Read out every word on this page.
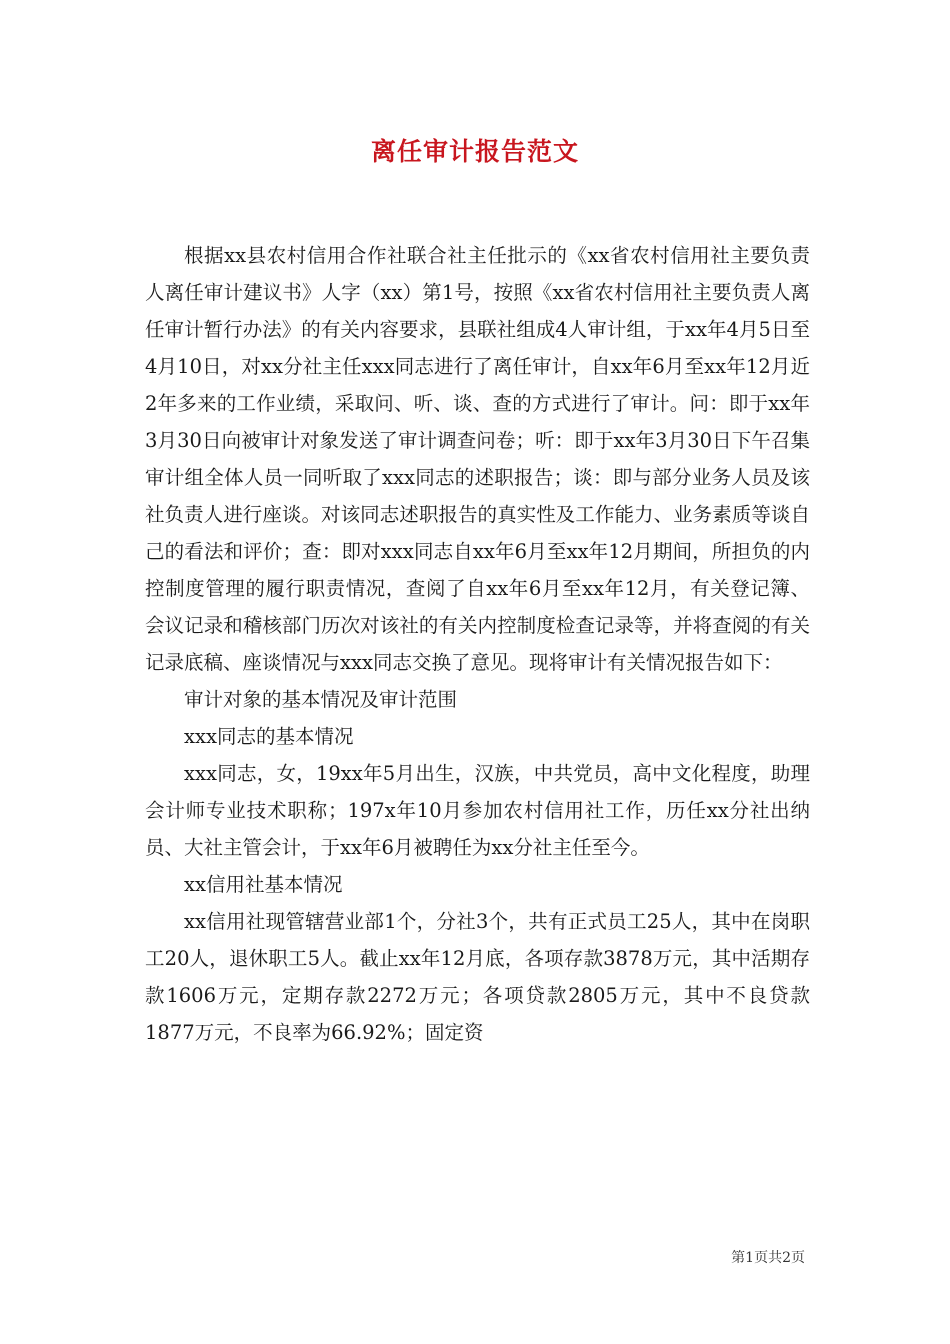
离任审计报告范文

根据xx县农村信用合作社联合社主任批示的《xx省农村信用社主要负责人离任审计建议书》人字（xx）第1号，按照《xx省农村信用社主要负责人离任审计暂行办法》的有关内容要求，县联社组成4人审计组，于xx年4月5日至4月10日，对xx分社主任xxx同志进行了离任审计，自xx年6月至xx年12月近2年多来的工作业绩，采取问、听、谈、查的方式进行了审计。问：即于xx年3月30日向被审计对象发送了审计调查问卷；听：即于xx年3月30日下午召集审计组全体人员一同听取了xxx同志的述职报告；谈：即与部分业务人员及该社负责人进行座谈。对该同志述职报告的真实性及工作能力、业务素质等谈自己的看法和评价；查：即对xxx同志自xx年6月至xx年12月期间，所担负的内控制度管理的履行职责情况，查阅了自xx年6月至xx年12月，有关登记簿、会议记录和稽核部门历次对该社的有关内控制度检查记录等，并将查阅的有关记录底稿、座谈情况与xxx同志交换了意见。现将审计有关情况报告如下：

审计对象的基本情况及审计范围

xxx同志的基本情况

xxx同志，女，19xx年5月出生，汉族，中共党员，高中文化程度，助理会计师专业技术职称；197x年10月参加农村信用社工作，历任xx分社出纳员、大社主管会计，于xx年6月被聘任为xx分社主任至今。

xx信用社基本情况

xx信用社现管辖营业部1个，分社3个，共有正式员工25人，其中在岗职工20人，退休职工5人。截止xx年12月底，各项存款3878万元，其中活期存款1606万元，定期存款2272万元；各项贷款2805万元，其中不良贷款1877万元，不良率为66.92%；固定资

第1页共2页
